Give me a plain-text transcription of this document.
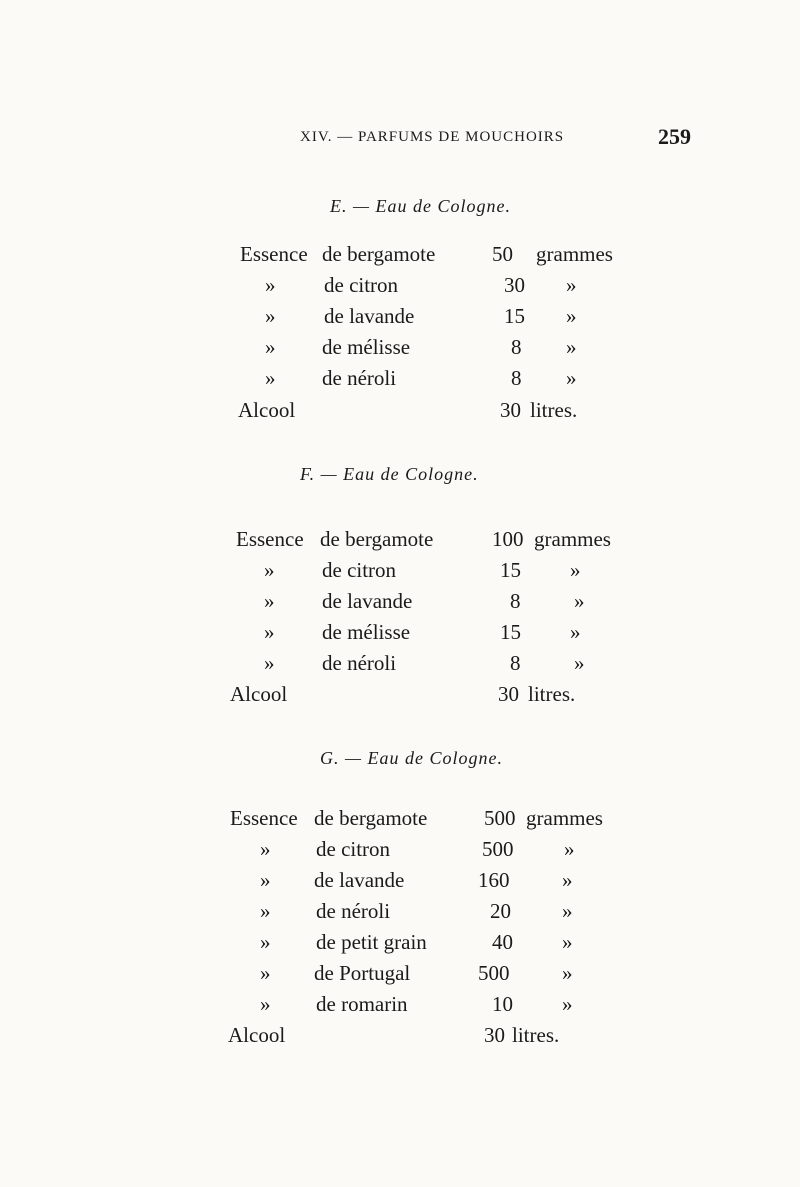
XIV. — PARFUMS DE MOUCHOIRS	259
E. — Eau de Cologne.
Essence de bergamote	50 grammes
» de citron	30 »
» de lavande	15 »
» de mélisse	8 »
» de néroli	8 »
Alcool	30 litres.
F. — Eau de Cologne.
Essence de bergamote	100 grammes
» de citron	15 »
» de lavande	8	»
» de mélisse	15 »
» de néroli	8	»
Alcool	30 litres.
G. — Eau de Cologne.
Essence de bergamote	500 grammes
» de citron	500 »
» de lavande	160	»
» de néroli	20 »
» de petit grain	40 »
» de Portugal	500	»
» de romarin	10 »
Alcool	30 litres.
